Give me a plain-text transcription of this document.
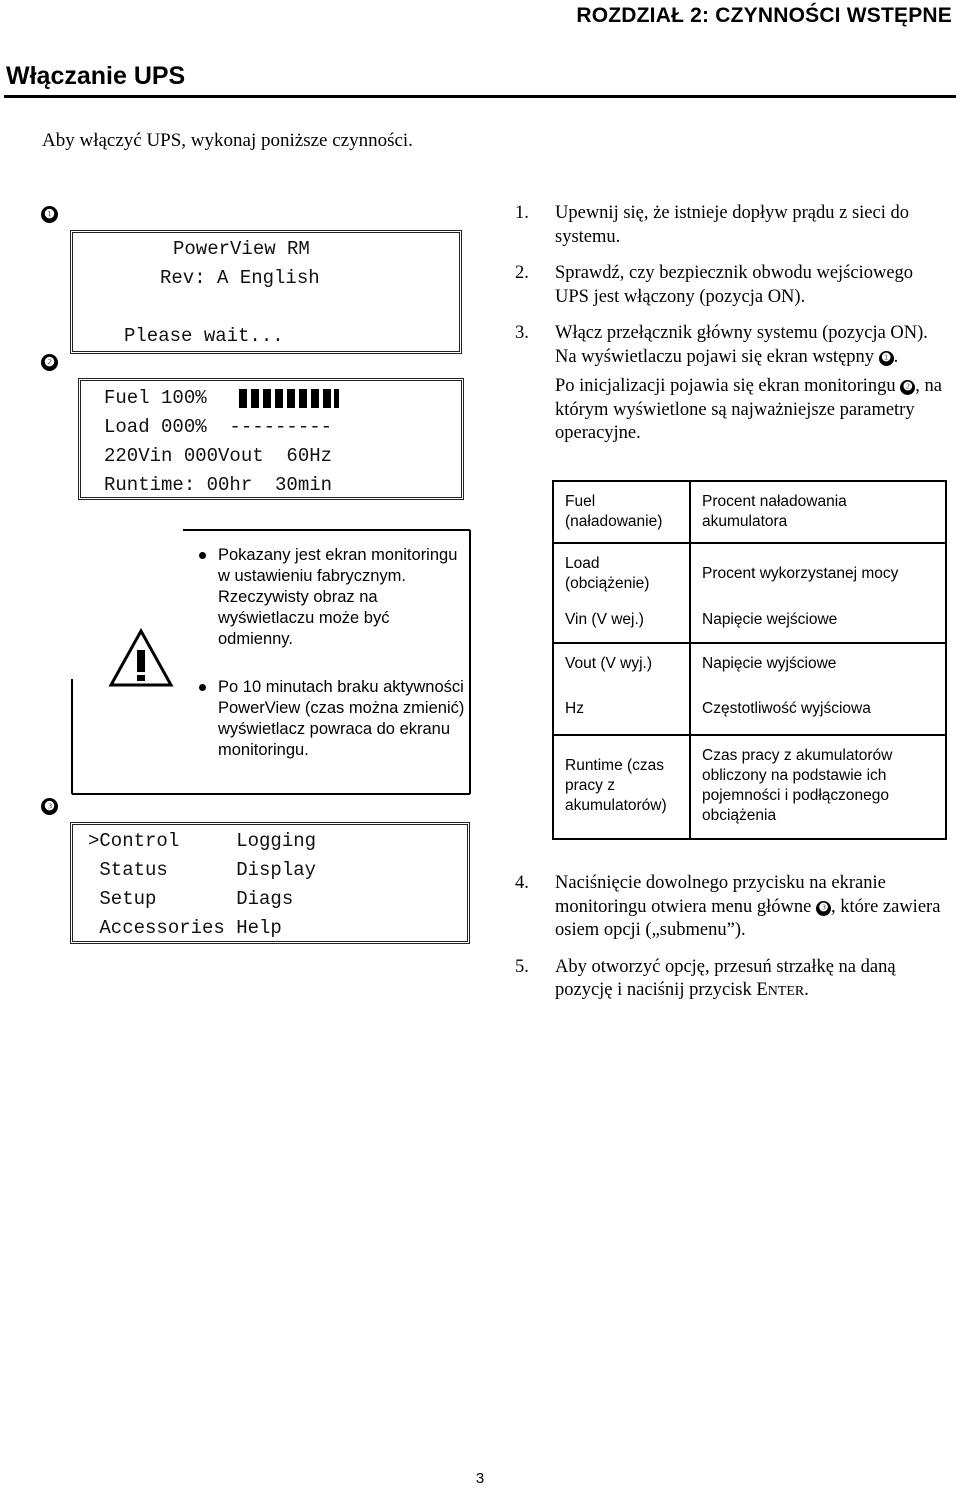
ROZDZIAŁ 2: CZYNNOŚCI WSTĘPNE
Włączanie UPS
Aby włączyć UPS, wykonaj poniższe czynności.
❶
❷
❸
PowerView RM
Rev: A English
Please wait...
Fuel 100%
Load 000%  ---------
220Vin 000Vout  60Hz
Runtime: 00hr  30min
Pokazany jest ekran monitoringu w ustawieniu fabrycznym. Rzeczywisty obraz na wyświetlaczu może być odmienny.
Po 10 minutach braku aktywności PowerView (czas można zmienić) wyświetlacz powraca do ekranu monitoringu.
>Control     Logging
Status      Display
Setup       Diags
Accessories Help
1. Upewnij się, że istnieje dopływ prądu z sieci do systemu.
2. Sprawdź, czy bezpiecznik obwodu wejściowego UPS jest włączony (pozycja ON).
3. Włącz przełącznik główny systemu (pozycja ON). Na wyświetlaczu pojawi się ekran wstępny ❶ .
Po inicjalizacji pojawia się ekran monitoringu ❷ , na którym wyświetlone są najważniejsze parametry operacyjne.
Fuel (naładowanie)	Procent naładowania akumulatora
Load (obciążenie)	Procent wykorzystanej mocy
Vin (V wej.)	Napięcie wejściowe
Vout (V wyj.)	Napięcie wyjściowe
Hz	Częstotliwość wyjściowa
Runtime (czas pracy z akumulatorów)	Czas pracy z akumulatorów obliczony na podstawie ich pojemności i podłączonego obciążenia
4. Naciśnięcie dowolnego przycisku na ekranie monitoringu otwiera menu główne ❸ , które zawiera osiem opcji („submenu”).
5. Aby otworzyć opcję, przesuń strzałkę na daną pozycję i naciśnij przycisk ENTER.
3
